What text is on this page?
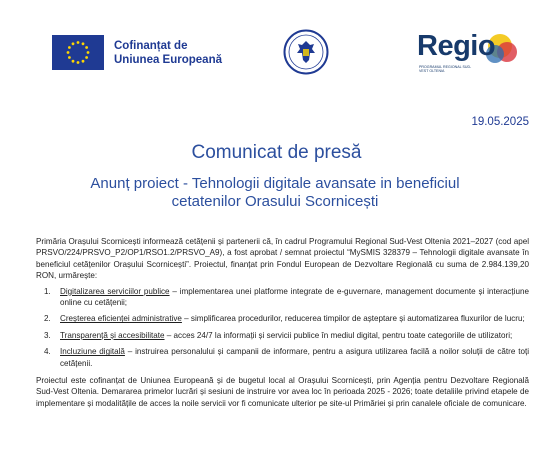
Cofinanțat de
Uniunea Europeană	Regio
PROGRAMUL REGIONAL SUD-VEST OLTENIA
19.05.2025
Comunicat de presă
Anunț proiect - Tehnologii digitale avansate in beneficiul cetatenilor Orasului Scornicești

Primăria Orașului Scornicești informează cetățenii și partenerii că, în cadrul Programului Regional Sud-Vest Oltenia 2021–2027 (cod apel PRSVO/224/PRSVO_P2/OP1/RSO1.2/PRSVO_A9), a fost aprobat / semnat proiectul “MySMIS 328379 – Tehnologii digitale avansate în beneficiul cetățenilor Orașului Scornicești”. Proiectul, finanțat prin Fondul European de Dezvoltare Regională cu suma de 2.984.139,20 RON, urmărește:

1. Digitalizarea serviciilor publice – implementarea unei platforme integrate de e-guvernare, management documente și interacțiune online cu cetățenii;
2. Creșterea eficienței administrative – simplificarea procedurilor, reducerea timpilor de așteptare și automatizarea fluxurilor de lucru;
3. Transparență și accesibilitate – acces 24/7 la informații și servicii publice în mediul digital, pentru toate categoriile de utilizatori;
4. Incluziune digitală – instruirea personalului și campanii de informare, pentru a asigura utilizarea facilă a noilor soluții de către toți cetățenii.

Proiectul este cofinanțat de Uniunea Europeană și de bugetul local al Orașului Scornicești, prin Agenția pentru Dezvoltare Regională Sud-Vest Oltenia. Demararea primelor lucrări și sesiuni de instruire vor avea loc în perioada 2025 - 2026; toate detaliile privind etapele de implementare și modalitățile de acces la noile servicii vor fi comunicate ulterior pe site-ul Primăriei și prin canalele oficiale de comunicare.
